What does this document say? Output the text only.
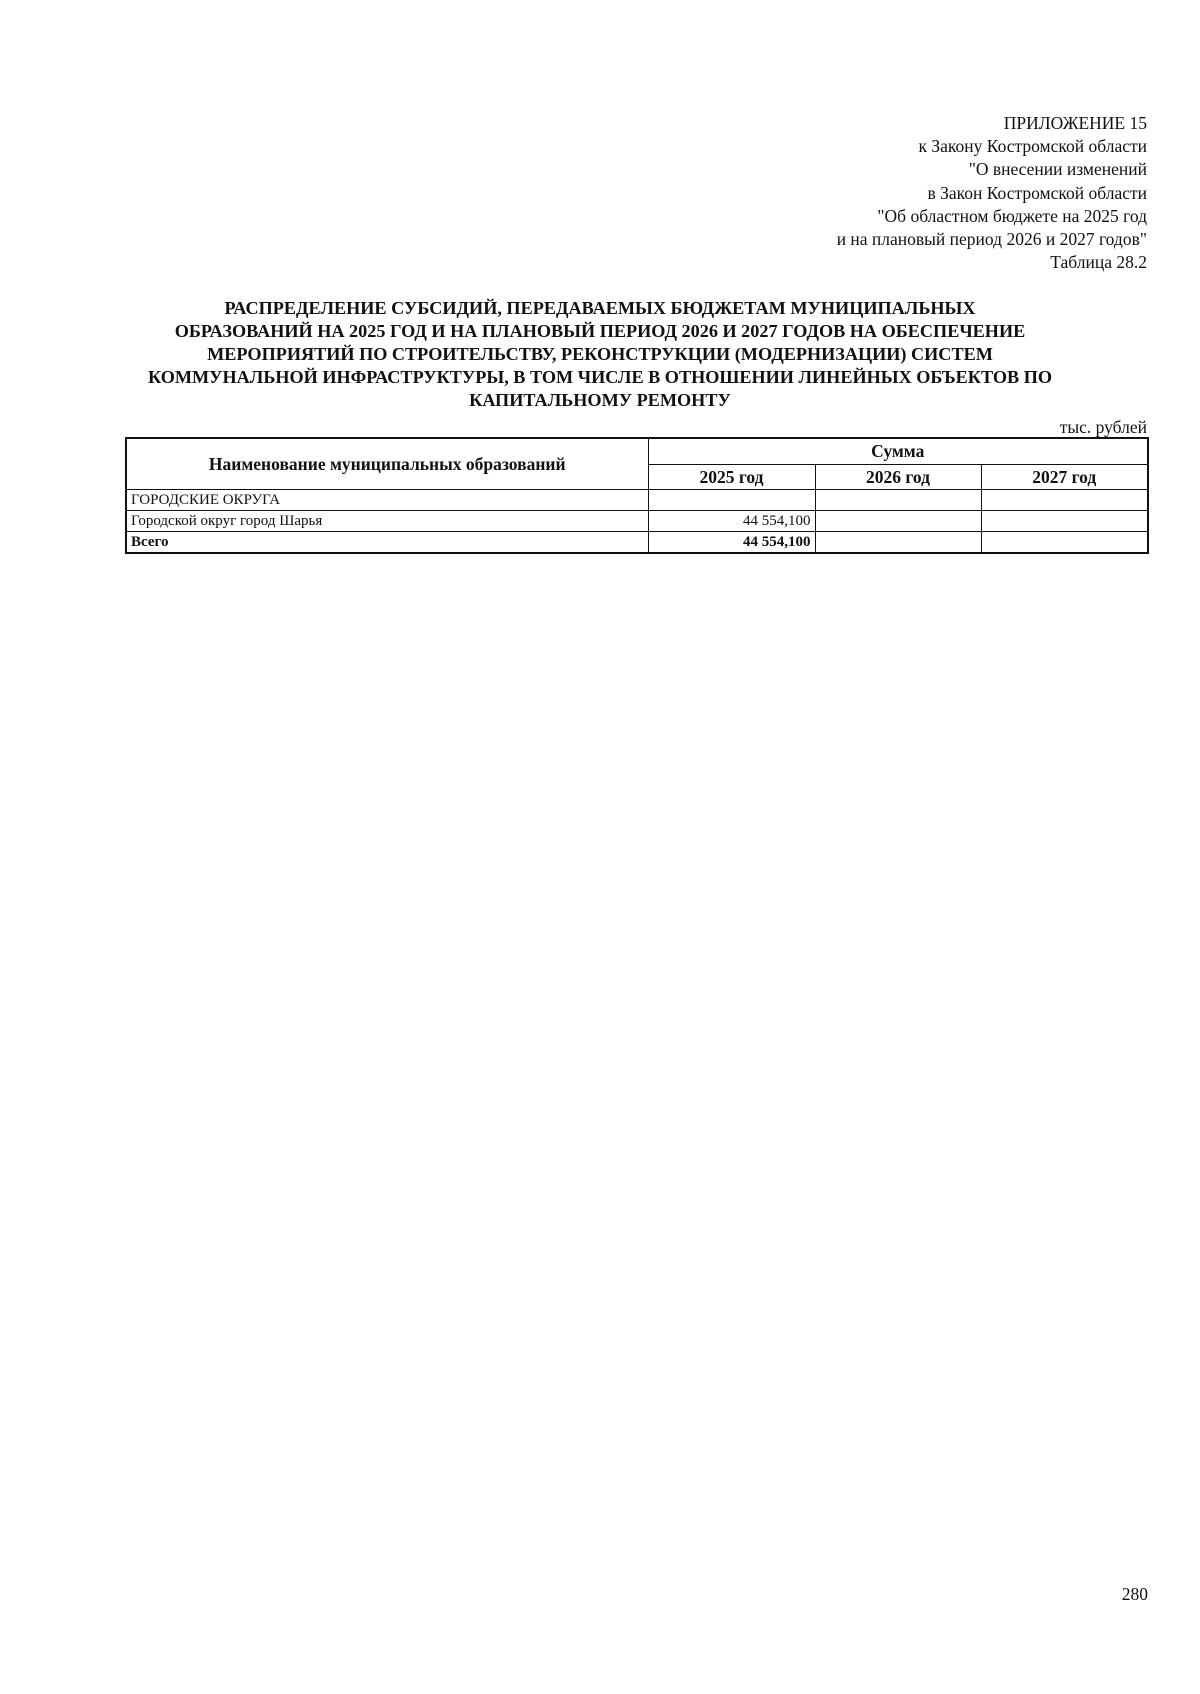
ПРИЛОЖЕНИЕ 15
к Закону Костромской области
"О внесении изменений
в Закон Костромской области
"Об областном бюджете на 2025 год
и на плановый период 2026 и 2027 годов"
Таблица 28.2
РАСПРЕДЕЛЕНИЕ СУБСИДИЙ, ПЕРЕДАВАЕМЫХ БЮДЖЕТАМ МУНИЦИПАЛЬНЫХ
ОБРАЗОВАНИЙ НА 2025 ГОД И НА ПЛАНОВЫЙ ПЕРИОД 2026 И 2027 ГОДОВ НА ОБЕСПЕЧЕНИЕ
МЕРОПРИЯТИЙ ПО СТРОИТЕЛЬСТВУ, РЕКОНСТРУКЦИИ (МОДЕРНИЗАЦИИ) СИСТЕМ
КОММУНАЛЬНОЙ ИНФРАСТРУКТУРЫ, В ТОМ ЧИСЛЕ В ОТНОШЕНИИ ЛИНЕЙНЫХ ОБЪЕКТОВ ПО
КАПИТАЛЬНОМУ РЕМОНТУ
тыс. рублей
Наименование муниципальных образований	Сумма		
	2025 год	2026 год	2027 год
ГОРОДСКИЕ ОКРУГА			
Городской округ город Шарья	44 554,100		
Всего	44 554,100		
280
